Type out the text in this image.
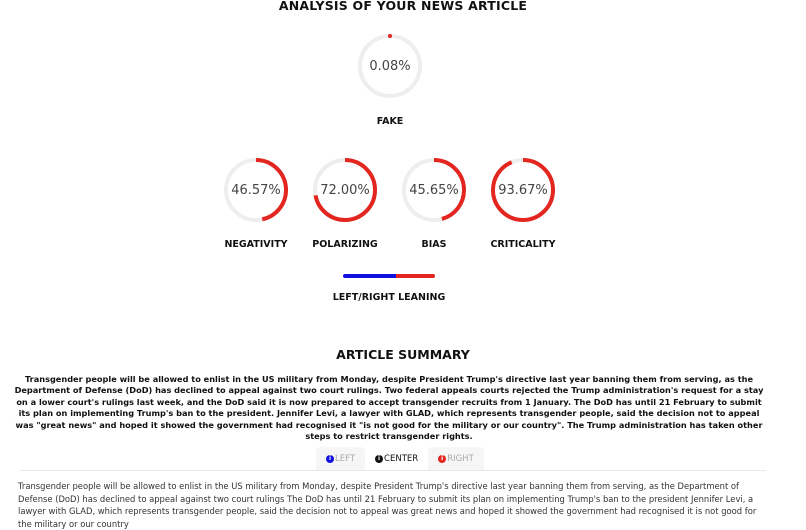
ANALYSIS OF YOUR NEWS ARTICLE
0.08%
FAKE
46.57%
NEGATIVITY
72.00%
POLARIZING
45.65%
BIAS
93.67%
CRITICALITY
LEFT/RIGHT LEANING
ARTICLE SUMMARY
Transgender people will be allowed to enlist in the US military from Monday, despite President Trump's directive last year banning them from serving, as the Department of Defense (DoD) has declined to appeal against two court rulings. Two federal appeals courts rejected the Trump administration's request for a stay on a lower court's rulings last week, and the DoD said it is now prepared to accept transgender recruits from 1 January. The DoD has until 21 February to submit its plan on implementing Trump's ban to the president. Jennifer Levi, a lawyer with GLAD, which represents transgender people, said the decision not to appeal was "great news" and hoped it showed the government had recognised it "is not good for the military or our country". The Trump administration has taken other steps to restrict transgender rights.
i LEFT	i CENTER	i RIGHT
Transgender people will be allowed to enlist in the US military from Monday, despite President Trump's directive last year banning them from serving, as the Department of Defense (DoD) has declined to appeal against two court rulings The DoD has until 21 February to submit its plan on implementing Trump's ban to the president Jennifer Levi, a lawyer with GLAD, which represents transgender people, said the decision not to appeal was great news and hoped it showed the government had recognised it is not good for the military or our country
